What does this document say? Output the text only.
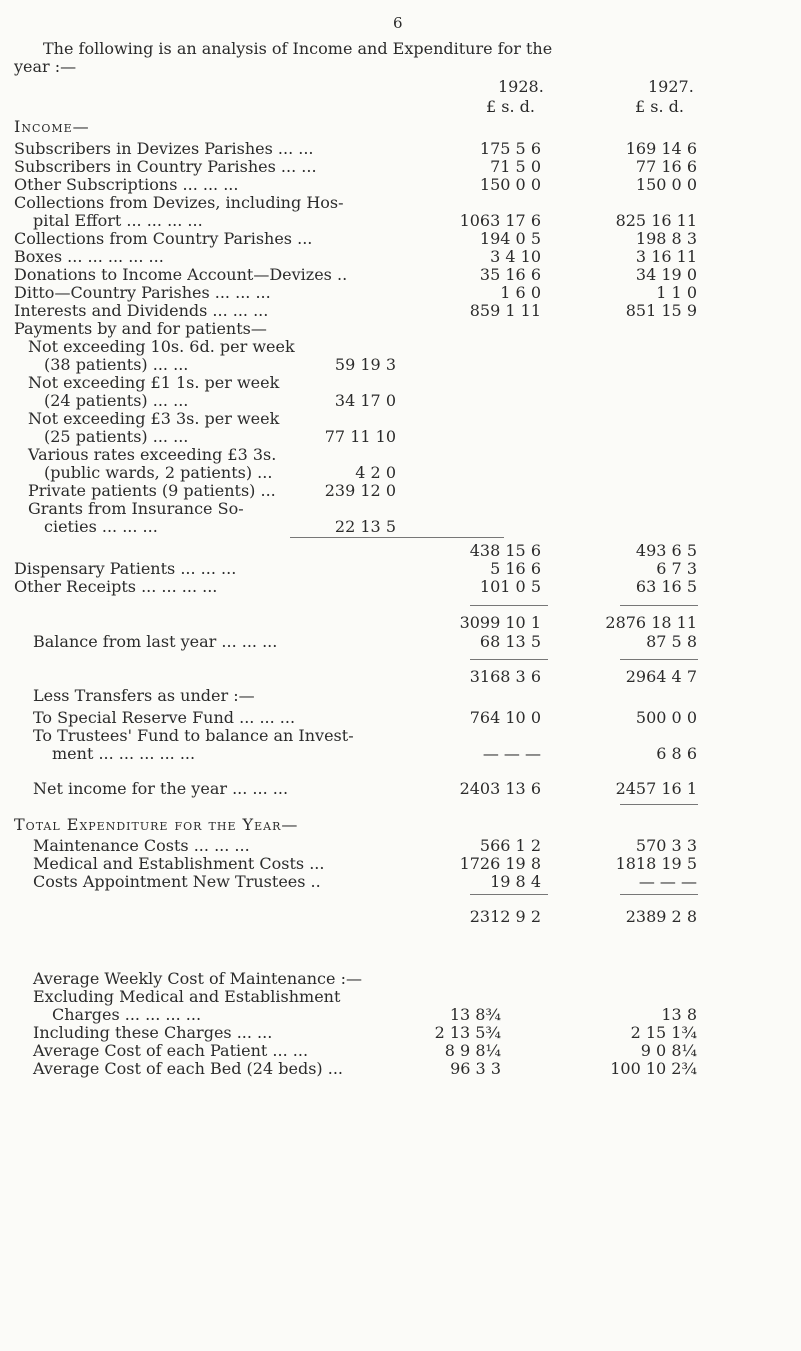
6
The following is an analysis of Income and Expenditure for the
year :—
1928.	1927.
£ s. d.	£ s. d.
Income—
Subscribers in Devizes Parishes ... ...	175 5 6	169 14 6
Subscribers in Country Parishes ... ...	71 5 0	77 16 6
Other Subscriptions ... ... ...	150 0 0	150 0 0
Collections from Devizes, including Hos-
pital Effort ... ... ... ...	1063 17 6	825 16 11
Collections from Country Parishes ...	194 0 5	198 8 3
Boxes ... ... ... ... ...	3 4 10	3 16 11
Donations to Income Account—Devizes ..	35 16 6	34 19 0
Ditto—Country Parishes ... ... ...	1 6 0	1 1 0
Interests and Dividends ... ... ...	859 1 11	851 15 9
Payments by and for patients—
Not exceeding 10s. 6d. per week
(38 patients) ... ...	59 19 3
Not exceeding £1 1s. per week
(24 patients) ... ...	34 17 0
Not exceeding £3 3s. per week
(25 patients) ... ...	77 11 10
Various rates exceeding £3 3s.
(public wards, 2 patients) ...	4 2 0
Private patients (9 patients) ...	239 12 0
Grants from Insurance So-
cieties ... ... ...	22 13 5
438 15 6	493 6 5
Dispensary Patients ... ... ...	5 16 6	6 7 3
Other Receipts ... ... ... ...	101 0 5	63 16 5
3099 10 1	2876 18 11
Balance from last year ... ... ...	68 13 5	87 5 8
3168 3 6	2964 4 7
Less Transfers as under :—
To Special Reserve Fund ... ... ...	764 10 0	500 0 0
To Trustees' Fund to balance an Invest-
ment ... ... ... ... ...	— — —	6 8 6
Net income for the year ... ... ...	2403 13 6	2457 16 1
Total Expenditure for the Year—
Maintenance Costs ... ... ...	566 1 2	570 3 3
Medical and Establishment Costs ...	1726 19 8	1818 19 5
Costs Appointment New Trustees ..	19 8 4	— — —
2312 9 2	2389 2 8
Average Weekly Cost of Maintenance :—
Excluding Medical and Establishment
Charges ... ... ... ...	13 8¾	13 8
Including these Charges ... ...	2 13 5¾	2 15 1¾
Average Cost of each Patient ... ...	8 9 8¼	9 0 8¼
Average Cost of each Bed (24 beds) ...	96 3 3	100 10 2¾
